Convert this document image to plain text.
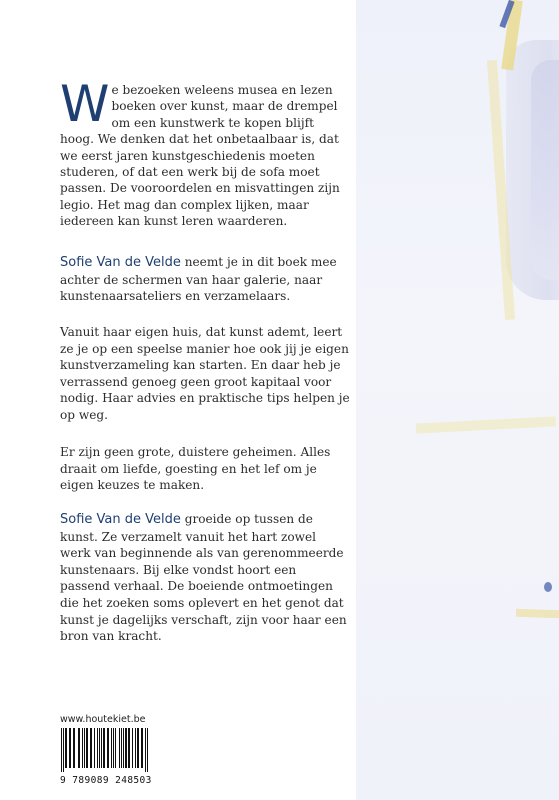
W e bezoeken weleens musea en lezen boeken over kunst, maar de drempel om een kunstwerk te kopen blijft hoog. We denken dat het onbetaalbaar is, dat we eerst jaren kunstgeschiedenis moeten studeren, of dat een werk bij de sofa moet passen. De vooroordelen en misvattingen zijn legio. Het mag dan complex lijken, maar iedereen kan kunst leren waarderen.

Sofie Van de Velde neemt je in dit boek mee achter de schermen van haar galerie, naar kunstenaarsateliers en verzamelaars.

Vanuit haar eigen huis, dat kunst ademt, leert ze je op een speelse manier hoe ook jij je eigen kunstverzameling kan starten. En daar heb je verrassend genoeg geen groot kapitaal voor nodig. Haar advies en praktische tips helpen je op weg.

Er zijn geen grote, duistere geheimen. Alles draait om liefde, goesting en het lef om je eigen keuzes te maken.

Sofie Van de Velde groeide op tussen de kunst. Ze verzamelt vanuit het hart zowel werk van beginnende als van gerenommeerde kunstenaars. Bij elke vondst hoort een passend verhaal. De boeiende ontmoetingen die het zoeken soms oplevert en het genot dat kunst je dagelijks verschaft, zijn voor haar een bron van kracht.

www.houtekiet.be
9 789089 248503
